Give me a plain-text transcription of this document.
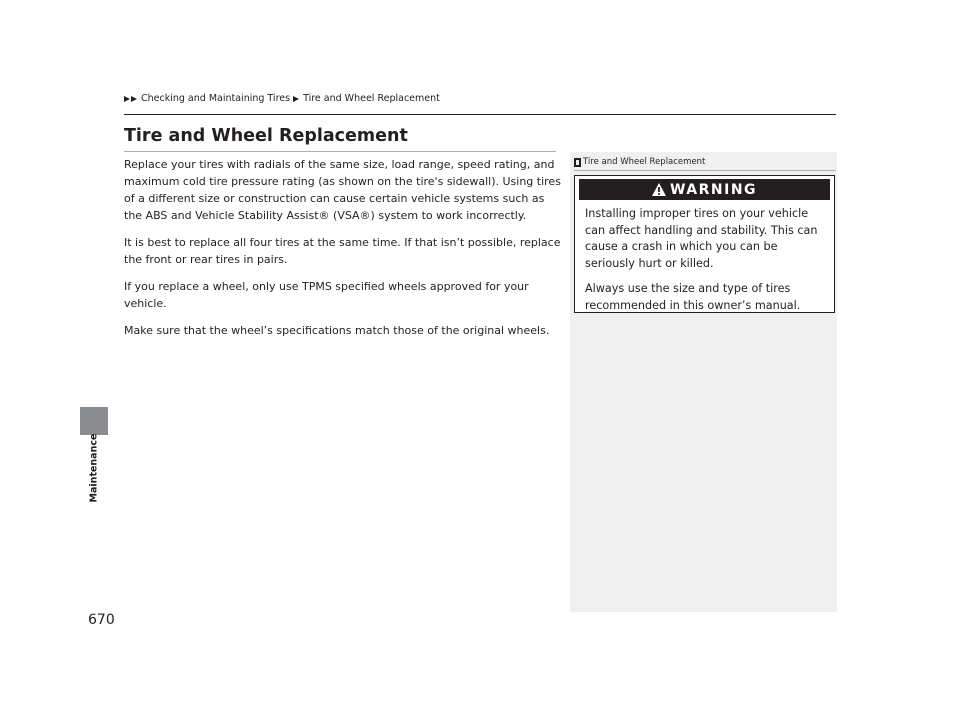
Checking and Maintaining Tires Tire and Wheel Replacement
Tire and Wheel Replacement

Replace your tires with radials of the same size, load range, speed rating, and maximum cold tire pressure rating (as shown on the tire's sidewall). Using tires of a different size or construction can cause certain vehicle systems such as the ABS and Vehicle Stability Assist® (VSA®) system to work incorrectly.

It is best to replace all four tires at the same time. If that isn’t possible, replace the front or rear tires in pairs.

If you replace a wheel, only use TPMS specified wheels approved for your vehicle.

Make sure that the wheel’s specifications match those of the original wheels.

Maintenance
670
Tire and Wheel Replacement
WARNING

Installing improper tires on your vehicle can affect handling and stability. This can cause a crash in which you can be seriously hurt or killed.

Always use the size and type of tires recommended in this owner’s manual.
